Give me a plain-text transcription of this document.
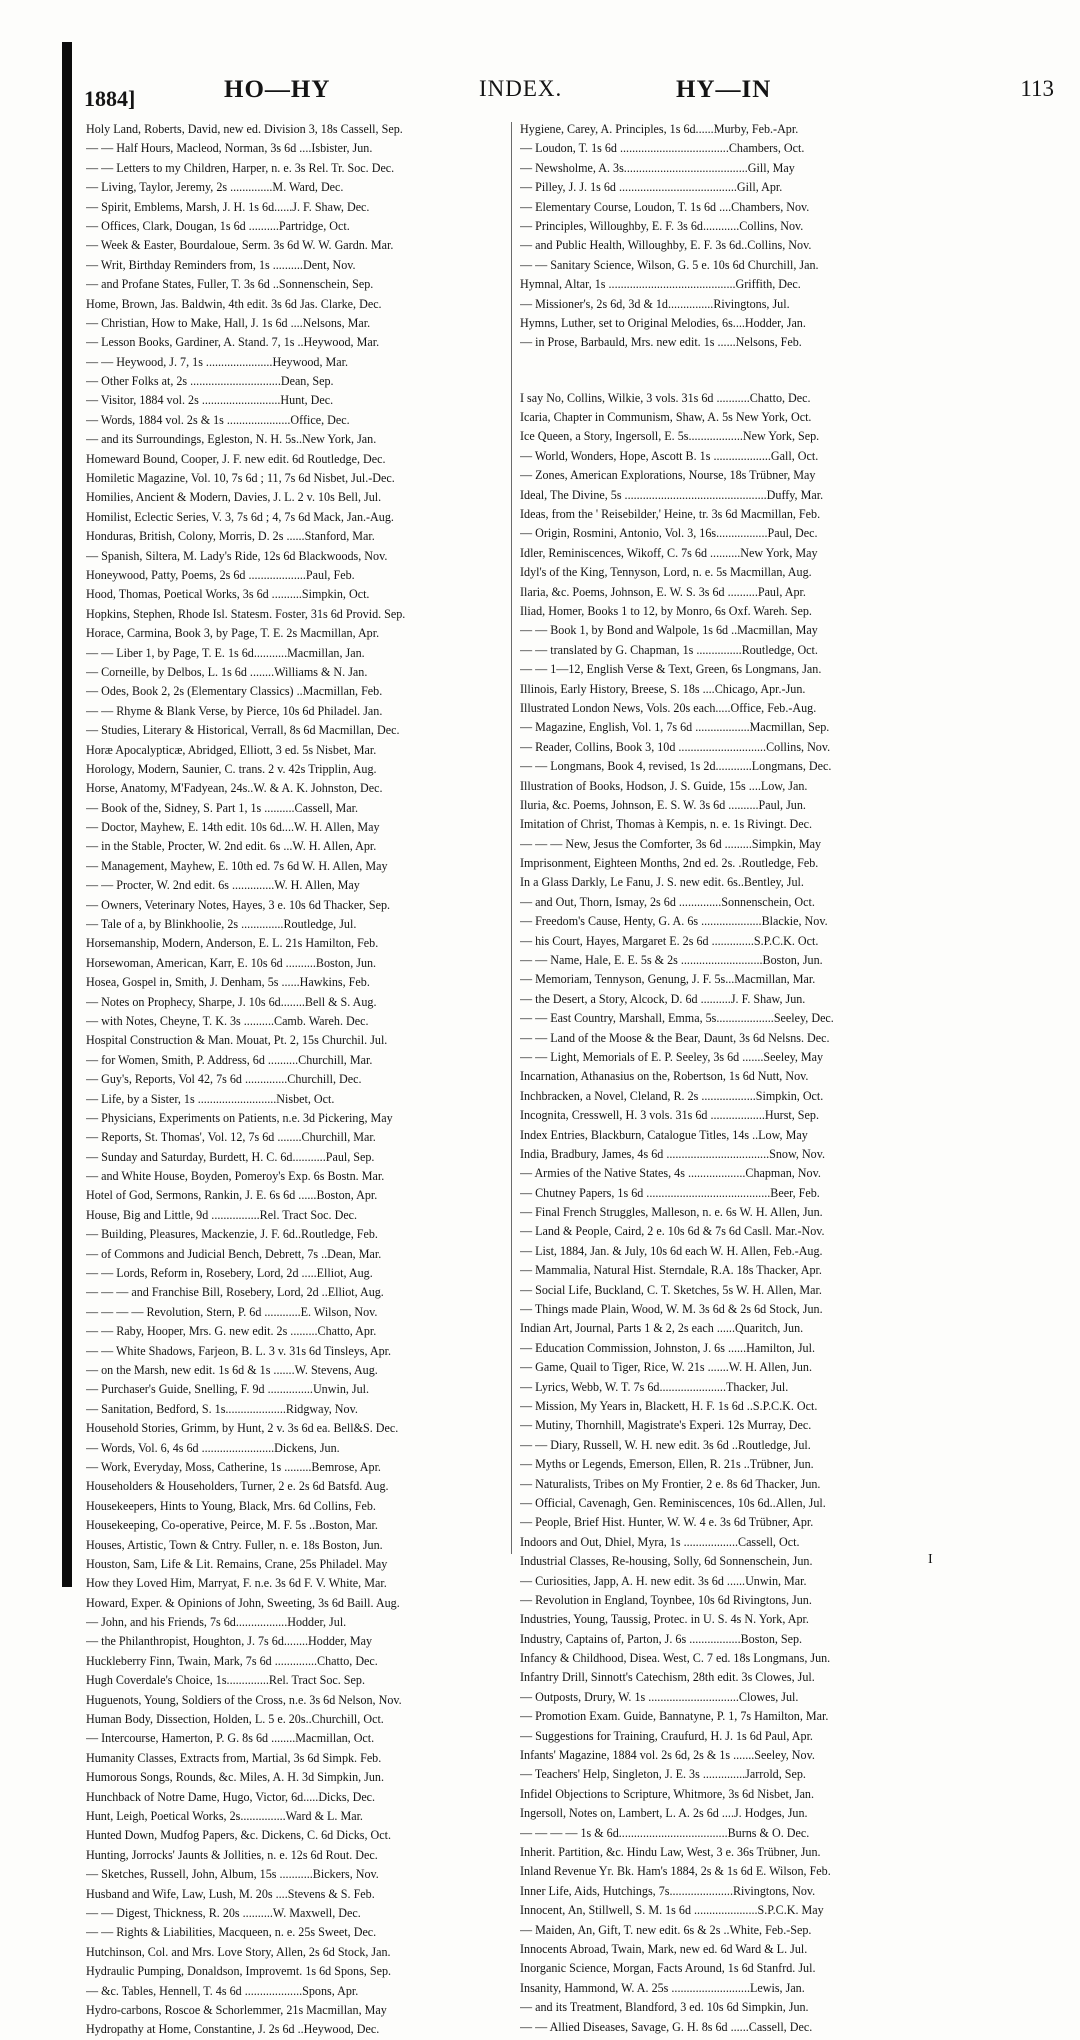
1884]	HO—HY	INDEX.	HY—IN	113
Holy Land, Roberts, David, new ed. Division 3, 18s Cassell, Sep.
— — Half Hours, Macleod, Norman, 3s 6d ....Isbister, Jun.
— — Letters to my Children, Harper, n. e. 3s Rel. Tr. Soc. Dec.
— Living, Taylor, Jeremy, 2s ..............M. Ward, Dec.
— Spirit, Emblems, Marsh, J. H. 1s 6d......J. F. Shaw, Dec.
— Offices, Clark, Dougan, 1s 6d ..........Partridge, Oct.
— Week & Easter, Bourdaloue, Serm. 3s 6d W. W. Gardn. Mar.
— Writ, Birthday Reminders from, 1s ..........Dent, Nov.
— and Profane States, Fuller, T. 3s 6d ..Sonnenschein, Sep.
Home, Brown, Jas. Baldwin, 4th edit. 3s 6d Jas. Clarke, Dec.
— Christian, How to Make, Hall, J. 1s 6d ....Nelsons, Mar.
— Lesson Books, Gardiner, A. Stand. 7, 1s ..Heywood, Mar.
— — Heywood, J. 7, 1s ......................Heywood, Mar.
— Other Folks at, 2s ..............................Dean, Sep.
— Visitor, 1884 vol. 2s ..........................Hunt, Dec.
— Words, 1884 vol. 2s & 1s .....................Office, Dec.
— and its Surroundings, Egleston, N. H. 5s..New York, Jan.
Homeward Bound, Cooper, J. F. new edit. 6d Routledge, Dec.
Homiletic Magazine, Vol. 10, 7s 6d ; 11, 7s 6d Nisbet, Jul.-Dec.
Homilies, Ancient & Modern, Davies, J. L. 2 v. 10s Bell, Jul.
Homilist, Eclectic Series, V. 3, 7s 6d ; 4, 7s 6d Mack, Jan.-Aug.
Honduras, British, Colony, Morris, D. 2s ......Stanford, Mar.
— Spanish, Siltera, M. Lady's Ride, 12s 6d Blackwoods, Nov.
Honeywood, Patty, Poems, 2s 6d ...................Paul, Feb.
Hood, Thomas, Poetical Works, 3s 6d ..........Simpkin, Oct.
Hopkins, Stephen, Rhode Isl. Statesm. Foster, 31s 6d Provid. Sep.
Horace, Carmina, Book 3, by Page, T. E. 2s Macmillan, Apr.
— — Liber 1, by Page, T. E. 1s 6d...........Macmillan, Jan.
— Corneille, by Delbos, L. 1s 6d ........Williams & N. Jan.
— Odes, Book 2, 2s (Elementary Classics) ..Macmillan, Feb.
— — Rhyme & Blank Verse, by Pierce, 10s 6d Philadel. Jan.
— Studies, Literary & Historical, Verrall, 8s 6d Macmillan, Dec.
Horæ Apocalypticæ, Abridged, Elliott, 3 ed. 5s Nisbet, Mar.
Horology, Modern, Saunier, C. trans. 2 v. 42s Tripplin, Aug.
Horse, Anatomy, M'Fadyean, 24s..W. & A. K. Johnston, Dec.
— Book of the, Sidney, S. Part 1, 1s ..........Cassell, Mar.
— Doctor, Mayhew, E. 14th edit. 10s 6d....W. H. Allen, May
— in the Stable, Procter, W. 2nd edit. 6s ...W. H. Allen, Apr.
— Management, Mayhew, E. 10th ed. 7s 6d W. H. Allen, May
— — Procter, W. 2nd edit. 6s ..............W. H. Allen, May
— Owners, Veterinary Notes, Hayes, 3 e. 10s 6d Thacker, Sep.
— Tale of a, by Blinkhoolie, 2s ..............Routledge, Jul.
Horsemanship, Modern, Anderson, E. L. 21s Hamilton, Feb.
Horsewoman, American, Karr, E. 10s 6d ..........Boston, Jun.
Hosea, Gospel in, Smith, J. Denham, 5s ......Hawkins, Feb.
— Notes on Prophecy, Sharpe, J. 10s 6d........Bell & S. Aug.
— with Notes, Cheyne, T. K. 3s ..........Camb. Wareh. Dec.
Hospital Construction & Man. Mouat, Pt. 2, 15s Churchil. Jul.
— for Women, Smith, P. Address, 6d ..........Churchill, Mar.
— Guy's, Reports, Vol 42, 7s 6d ..............Churchill, Dec.
— Life, by a Sister, 1s ..........................Nisbet, Oct.
— Physicians, Experiments on Patients, n.e. 3d Pickering, May
— Reports, St. Thomas', Vol. 12, 7s 6d ........Churchill, Mar.
— Sunday and Saturday, Burdett, H. C. 6d...........Paul, Sep.
— and White House, Boyden, Pomeroy's Exp. 6s Bostn. Mar.
Hotel of God, Sermons, Rankin, J. E. 6s 6d ......Boston, Apr.
House, Big and Little, 9d ................Rel. Tract Soc. Dec.
— Building, Pleasures, Mackenzie, J. F. 6d..Routledge, Feb.
— of Commons and Judicial Bench, Debrett, 7s ..Dean, Mar.
— — Lords, Reform in, Rosebery, Lord, 2d .....Elliot, Aug.
— — — and Franchise Bill, Rosebery, Lord, 2d ..Elliot, Aug.
— — — — Revolution, Stern, P. 6d ............E. Wilson, Nov.
— — Raby, Hooper, Mrs. G. new edit. 2s .........Chatto, Apr.
— — White Shadows, Farjeon, B. L. 3 v. 31s 6d Tinsleys, Apr.
— on the Marsh, new edit. 1s 6d & 1s .......W. Stevens, Aug.
— Purchaser's Guide, Snelling, F. 9d ...............Unwin, Jul.
— Sanitation, Bedford, S. 1s....................Ridgway, Nov.
Household Stories, Grimm, by Hunt, 2 v. 3s 6d ea. Bell&S. Dec.
— Words, Vol. 6, 4s 6d ........................Dickens, Jun.
— Work, Everyday, Moss, Catherine, 1s .........Bemrose, Apr.
Householders & Householders, Turner, 2 e. 2s 6d Batsfd. Aug.
Housekeepers, Hints to Young, Black, Mrs. 6d Collins, Feb.
Housekeeping, Co-operative, Peirce, M. F. 5s ..Boston, Mar.
Houses, Artistic, Town & Cntry. Fuller, n. e. 18s Boston, Jun.
Houston, Sam, Life & Lit. Remains, Crane, 25s Philadel. May
How they Loved Him, Marryat, F. n.e. 3s 6d F. V. White, Mar.
Howard, Exper. & Opinions of John, Sweeting, 3s 6d Baill. Aug.
— John, and his Friends, 7s 6d.................Hodder, Jul.
— the Philanthropist, Houghton, J. 7s 6d........Hodder, May
Huckleberry Finn, Twain, Mark, 7s 6d ..............Chatto, Dec.
Hugh Coverdale's Choice, 1s..............Rel. Tract Soc. Sep.
Huguenots, Young, Soldiers of the Cross, n.e. 3s 6d Nelson, Nov.
Human Body, Dissection, Holden, L. 5 e. 20s..Churchill, Oct.
— Intercourse, Hamerton, P. G. 8s 6d ........Macmillan, Oct.
Humanity Classes, Extracts from, Martial, 3s 6d Simpk. Feb.
Humorous Songs, Rounds, &c. Miles, A. H. 3d Simpkin, Jun.
Hunchback of Notre Dame, Hugo, Victor, 6d.....Dicks, Dec.
Hunt, Leigh, Poetical Works, 2s...............Ward & L. Mar.
Hunted Down, Mudfog Papers, &c. Dickens, C. 6d Dicks, Oct.
Hunting, Jorrocks' Jaunts & Jollities, n. e. 12s 6d Rout. Dec.
— Sketches, Russell, John, Album, 15s ...........Bickers, Nov.
Husband and Wife, Law, Lush, M. 20s ....Stevens & S. Feb.
— — Digest, Thickness, R. 20s ..........W. Maxwell, Dec.
— — Rights & Liabilities, Macqueen, n. e. 25s Sweet, Dec.
Hutchinson, Col. and Mrs. Love Story, Allen, 2s 6d Stock, Jan.
Hydraulic Pumping, Donaldson, Improvemt. 1s 6d Spons, Sep.
— &c. Tables, Hennell, T. 4s 6d ...................Spons, Apr.
Hydro-carbons, Roscoe & Schorlemmer, 21s Macmillan, May
Hydropathy at Home, Constantine, J. 2s 6d ..Heywood, Dec.
Hygiene, Carey, A. Principles, 1s 6d......Murby, Feb.-Apr.
— Loudon, T. 1s 6d ....................................Chambers, Oct.
— Newsholme, A. 3s.........................................Gill, May
— Pilley, J. J. 1s 6d .......................................Gill, Apr.
— Elementary Course, Loudon, T. 1s 6d ....Chambers, Nov.
— Principles, Willoughby, E. F. 3s 6d............Collins, Nov.
— and Public Health, Willoughby, E. F. 3s 6d..Collins, Nov.
— — Sanitary Science, Wilson, G. 5 e. 10s 6d Churchill, Jan.
Hymnal, Altar, 1s ..........................................Griffith, Dec.
— Missioner's, 2s 6d, 3d & 1d...............Rivingtons, Jul.
Hymns, Luther, set to Original Melodies, 6s....Hodder, Jan.
— in Prose, Barbauld, Mrs. new edit. 1s ......Nelsons, Feb.
I say No, Collins, Wilkie, 3 vols. 31s 6d ...........Chatto, Dec.
Icaria, Chapter in Communism, Shaw, A. 5s New York, Oct.
Ice Queen, a Story, Ingersoll, E. 5s..................New York, Sep.
— World, Wonders, Hope, Ascott B. 1s ...................Gall, Oct.
— Zones, American Explorations, Nourse, 18s Trübner, May
Ideal, The Divine, 5s ...............................................Duffy, Mar.
Ideas, from the ' Reisebilder,' Heine, tr. 3s 6d Macmillan, Feb.
— Origin, Rosmini, Antonio, Vol. 3, 16s.................Paul, Dec.
Idler, Reminiscences, Wikoff, C. 7s 6d ..........New York, May
Idyl's of the King, Tennyson, Lord, n. e. 5s Macmillan, Aug.
Ilaria, &c. Poems, Johnson, E. W. S. 3s 6d ..........Paul, Apr.
Iliad, Homer, Books 1 to 12, by Monro, 6s Oxf. Wareh. Sep.
— — Book 1, by Bond and Walpole, 1s 6d ..Macmillan, May
— — translated by G. Chapman, 1s ...............Routledge, Oct.
— — 1—12, English Verse & Text, Green, 6s Longmans, Jan.
Illinois, Early History, Breese, S. 18s ....Chicago, Apr.-Jun.
Illustrated London News, Vols. 20s each.....Office, Feb.-Aug.
— Magazine, English, Vol. 1, 7s 6d ..................Macmillan, Sep.
— Reader, Collins, Book 3, 10d .............................Collins, Nov.
— — Longmans, Book 4, revised, 1s 2d............Longmans, Dec.
Illustration of Books, Hodson, J. S. Guide, 15s ....Low, Jan.
Iluria, &c. Poems, Johnson, E. S. W. 3s 6d ..........Paul, Jun.
Imitation of Christ, Thomas à Kempis, n. e. 1s Rivingt. Dec.
— — — New, Jesus the Comforter, 3s 6d .........Simpkin, May
Imprisonment, Eighteen Months, 2nd ed. 2s. .Routledge, Feb.
In a Glass Darkly, Le Fanu, J. S. new edit. 6s..Bentley, Jul.
— and Out, Thorn, Ismay, 2s 6d ..............Sonnenschein, Oct.
— Freedom's Cause, Henty, G. A. 6s ....................Blackie, Nov.
— his Court, Hayes, Margaret E. 2s 6d ..............S.P.C.K. Oct.
— — Name, Hale, E. E. 5s & 2s ...........................Boston, Jun.
— Memoriam, Tennyson, Genung, J. F. 5s...Macmillan, Mar.
— the Desert, a Story, Alcock, D. 6d ..........J. F. Shaw, Jun.
— — East Country, Marshall, Emma, 5s...................Seeley, Dec.
— — Land of the Moose & the Bear, Daunt, 3s 6d Nelsns. Dec.
— — Light, Memorials of E. P. Seeley, 3s 6d .......Seeley, May
Incarnation, Athanasius on the, Robertson, 1s 6d Nutt, Nov.
Inchbracken, a Novel, Cleland, R. 2s ..................Simpkin, Oct.
Incognita, Cresswell, H. 3 vols. 31s 6d ..................Hurst, Sep.
Index Entries, Blackburn, Catalogue Titles, 14s ..Low, May
India, Bradbury, James, 4s 6d ..................................Snow, Nov.
— Armies of the Native States, 4s ...................Chapman, Nov.
— Chutney Papers, 1s 6d .........................................Beer, Feb.
— Final French Struggles, Malleson, n. e. 6s W. H. Allen, Jun.
— Land & People, Caird, 2 e. 10s 6d & 7s 6d Casll. Mar.-Nov.
— List, 1884, Jan. & July, 10s 6d each W. H. Allen, Feb.-Aug.
— Mammalia, Natural Hist. Sterndale, R.A. 18s Thacker, Apr.
— Social Life, Buckland, C. T. Sketches, 5s W. H. Allen, Mar.
— Things made Plain, Wood, W. M. 3s 6d & 2s 6d Stock, Jun.
Indian Art, Journal, Parts 1 & 2, 2s each ......Quaritch, Jun.
— Education Commission, Johnston, J. 6s ......Hamilton, Jul.
— Game, Quail to Tiger, Rice, W. 21s .......W. H. Allen, Jun.
— Lyrics, Webb, W. T. 7s 6d......................Thacker, Jul.
— Mission, My Years in, Blackett, H. F. 1s 6d ..S.P.C.K. Oct.
— Mutiny, Thornhill, Magistrate's Experi. 12s Murray, Dec.
— — Diary, Russell, W. H. new edit. 3s 6d ..Routledge, Jul.
— Myths or Legends, Emerson, Ellen, R. 21s ..Trübner, Jun.
— Naturalists, Tribes on My Frontier, 2 e. 8s 6d Thacker, Jun.
— Official, Cavenagh, Gen. Reminiscences, 10s 6d..Allen, Jul.
— People, Brief Hist. Hunter, W. W. 4 e. 3s 6d Trübner, Apr.
Indoors and Out, Dhiel, Myra, 1s ..................Cassell, Oct.
Industrial Classes, Re-housing, Solly, 6d Sonnenschein, Jun.
— Curiosities, Japp, A. H. new edit. 3s 6d ......Unwin, Mar.
— Revolution in England, Toynbee, 10s 6d Rivingtons, Jun.
Industries, Young, Taussig, Protec. in U. S. 4s N. York, Apr.
Industry, Captains of, Parton, J. 6s .................Boston, Sep.
Infancy & Childhood, Disea. West, C. 7 ed. 18s Longmans, Jun.
Infantry Drill, Sinnott's Catechism, 28th edit. 3s Clowes, Jul.
— Outposts, Drury, W. 1s ..............................Clowes, Jul.
— Promotion Exam. Guide, Bannatyne, P. 1, 7s Hamilton, Mar.
— Suggestions for Training, Craufurd, H. J. 1s 6d Paul, Apr.
Infants' Magazine, 1884 vol. 2s 6d, 2s & 1s .......Seeley, Nov.
— Teachers' Help, Singleton, J. E. 3s ..............Jarrold, Sep.
Infidel Objections to Scripture, Whitmore, 3s 6d Nisbet, Jan.
Ingersoll, Notes on, Lambert, L. A. 2s 6d ....J. Hodges, Jun.
— — — — 1s & 6d....................................Burns & O. Dec.
Inherit. Partition, &c. Hindu Law, West, 3 e. 36s Trübner, Jun.
Inland Revenue Yr. Bk. Ham's 1884, 2s & 1s 6d E. Wilson, Feb.
Inner Life, Aids, Hutchings, 7s.....................Rivingtons, Nov.
Innocent, An, Stillwell, S. M. 1s 6d .....................S.P.C.K. May
— Maiden, An, Gift, T. new edit. 6s & 2s ..White, Feb.-Sep.
Innocents Abroad, Twain, Mark, new ed. 6d Ward & L. Jul.
Inorganic Science, Morgan, Facts Around, 1s 6d Stanfrd. Jul.
Insanity, Hammond, W. A. 25s ..........................Lewis, Jan.
— and its Treatment, Blandford, 3 ed. 10s 6d Simpkin, Jun.
— — Allied Diseases, Savage, G. H. 8s 6d ......Cassell, Dec.
I
